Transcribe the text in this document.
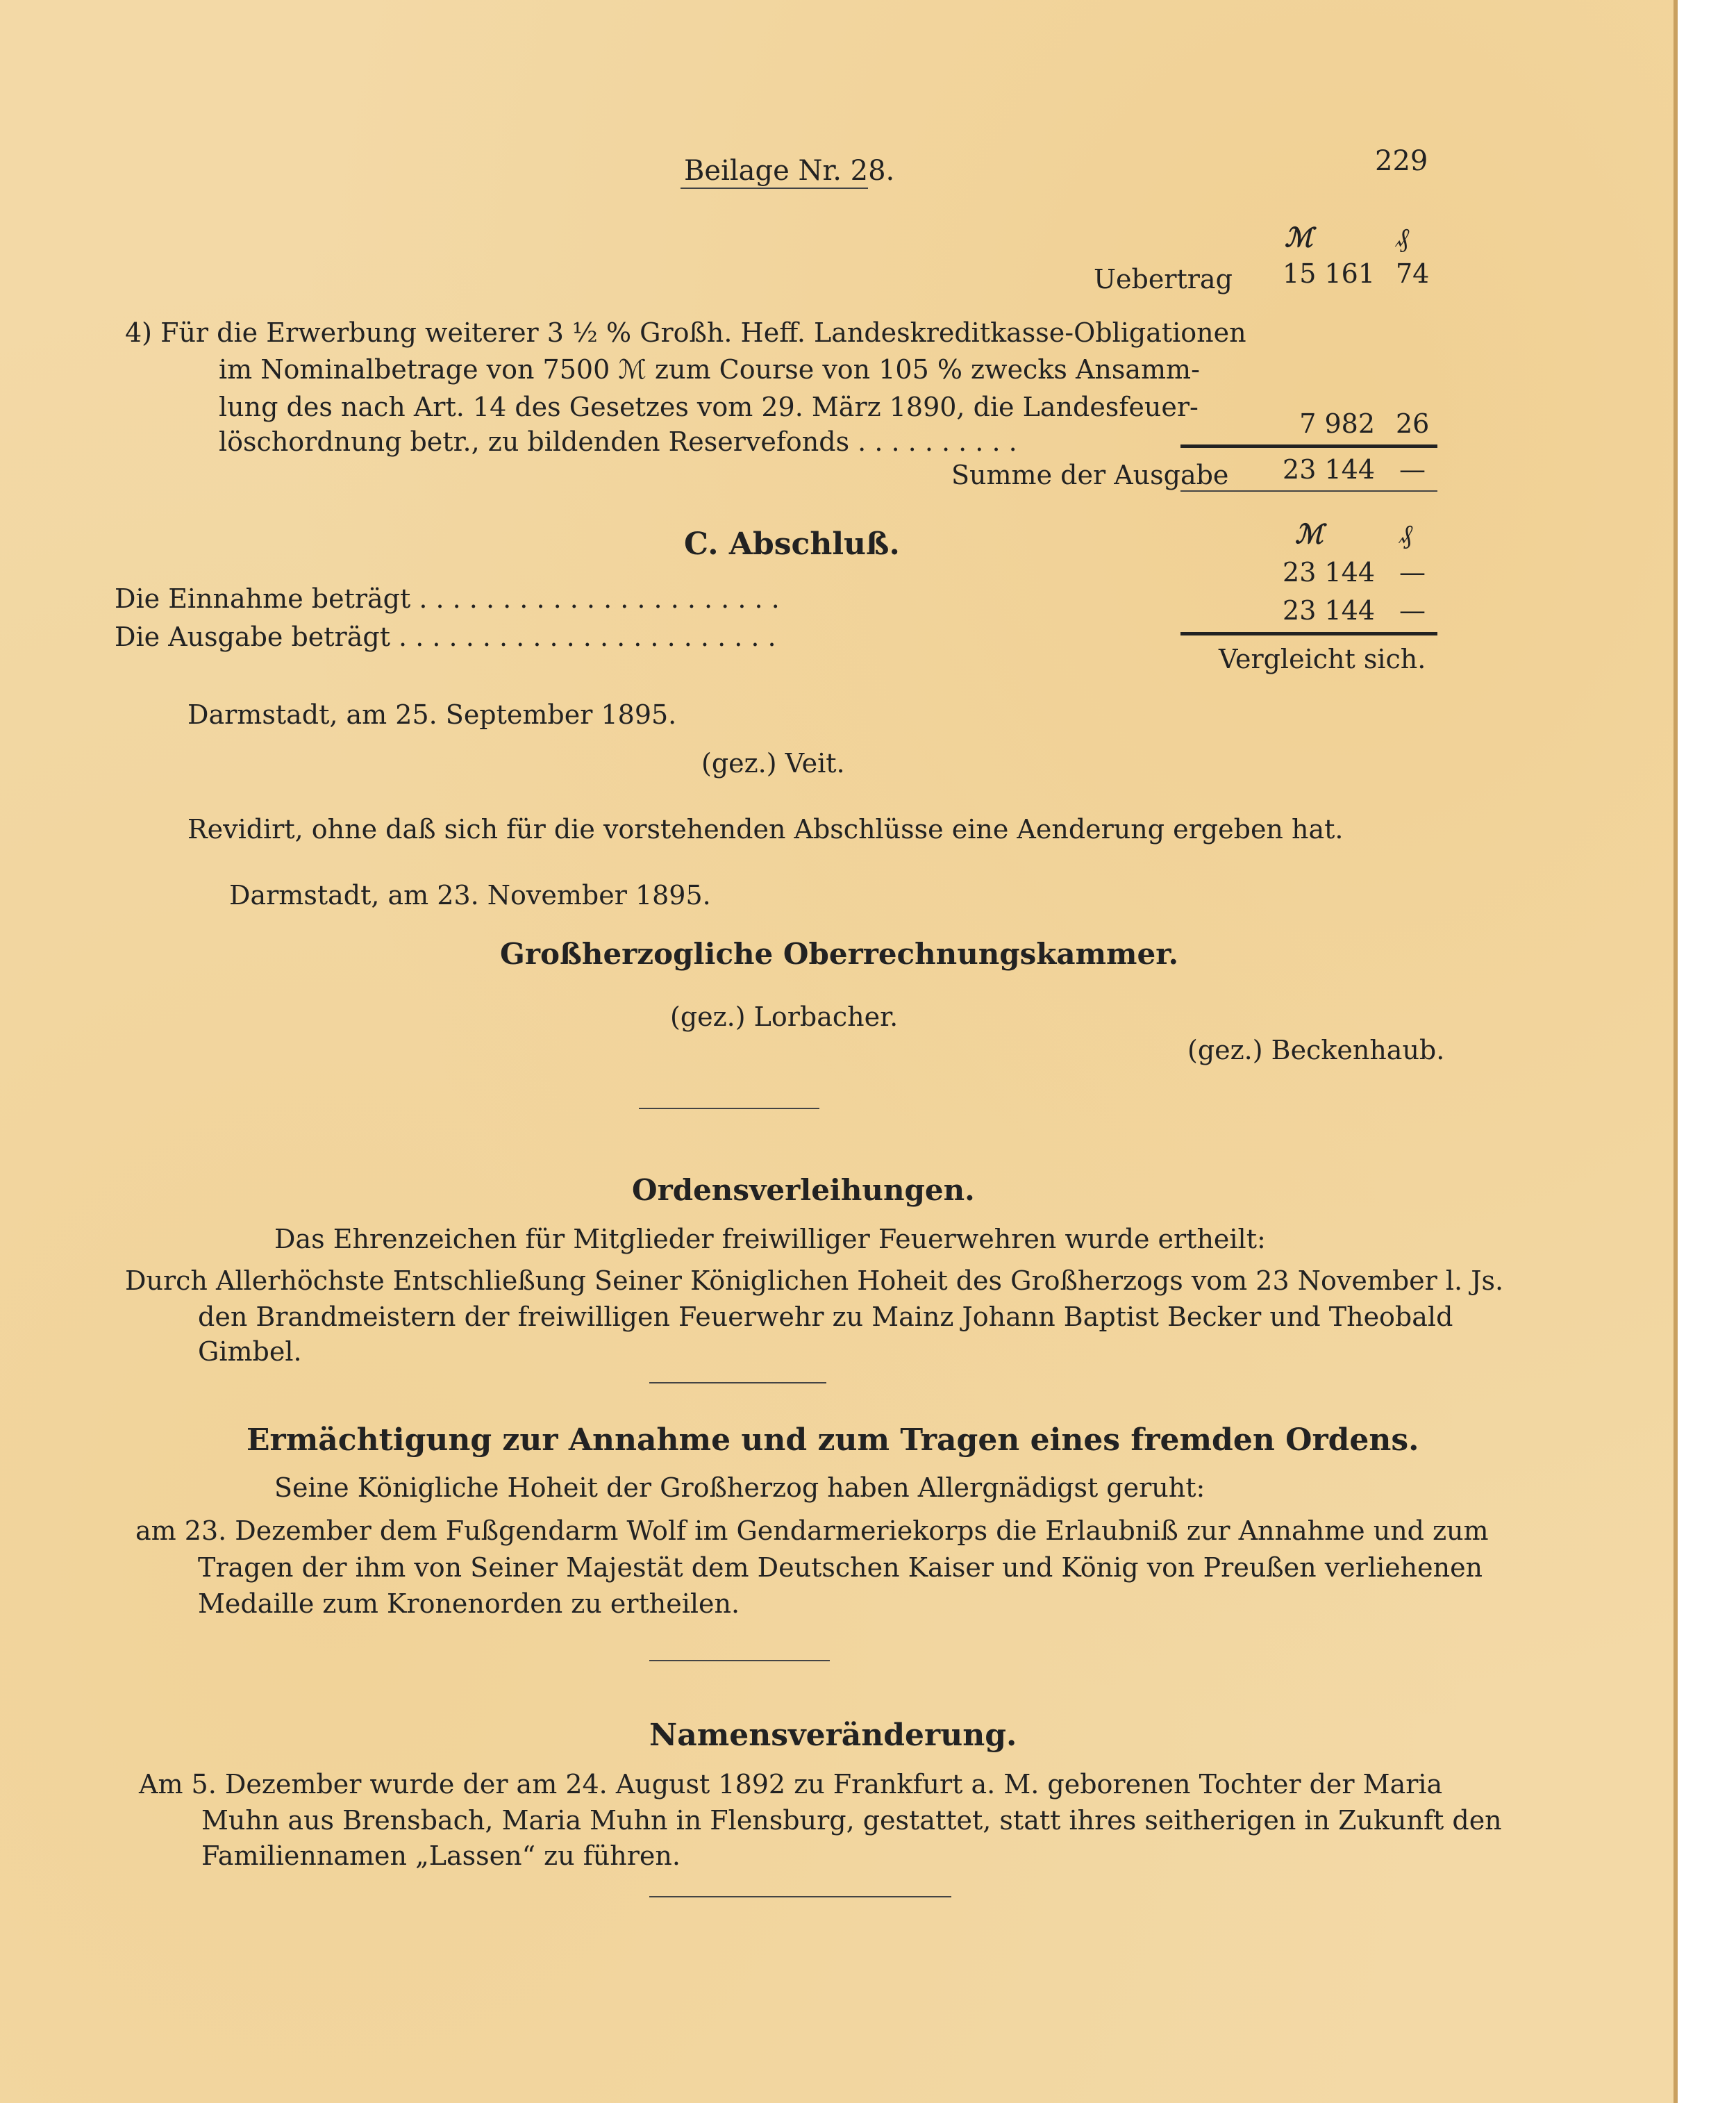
Beilage Nr. 28.	229
ℳ	₰
Uebertrag	15 161 74
4) Für die Erwerbung weiterer 3 ½ % Großh. Heff. Landeskreditkasse-Obligationen
im Nominalbetrage von 7500 ℳ zum Course von 105 % zwecks Ansamm-
lung des nach Art. 14 des Gesetzes vom 29. März 1890, die Landesfeuer-
löschordnung betr., zu bildenden Reservefonds . . . . . . . . . .
7 982 26
Summe der Ausgabe	23 144 —
C. Abschluß.	ℳ	₰
Die Einnahme beträgt . . . . . . . . . . . . . . . . . . . . . .
23 144 —
Die Ausgabe beträgt . . . . . . . . . . . . . . . . . . . . . . .
23 144 —
Vergleicht sich.
Darmstadt, am 25. September 1895.
(gez.) Veit.
Revidirt, ohne daß sich für die vorstehenden Abschlüsse eine Aenderung ergeben hat.
Darmstadt, am 23. November 1895.
Großherzogliche Oberrechnungskammer.
(gez.) Lorbacher.
(gez.) Beckenhaub.
Ordensverleihungen.
Das Ehrenzeichen für Mitglieder freiwilliger Feuerwehren wurde ertheilt:
Durch Allerhöchste Entschließung Seiner Königlichen Hoheit des Großherzogs vom 23 November l. Js.
den Brandmeistern der freiwilligen Feuerwehr zu Mainz Johann Baptist Becker und Theobald
Gimbel.
Ermächtigung zur Annahme und zum Tragen eines fremden Ordens.
Seine Königliche Hoheit der Großherzog haben Allergnädigst geruht:
am 23. Dezember dem Fußgendarm Wolf im Gendarmeriekorps die Erlaubniß zur Annahme und zum
Tragen der ihm von Seiner Majestät dem Deutschen Kaiser und König von Preußen verliehenen
Medaille zum Kronenorden zu ertheilen.
Namensveränderung.
Am 5. Dezember wurde der am 24. August 1892 zu Frankfurt a. M. geborenen Tochter der Maria
Muhn aus Brensbach, Maria Muhn in Flensburg, gestattet, statt ihres seitherigen in Zukunft den
Familiennamen „Lassen“ zu führen.
